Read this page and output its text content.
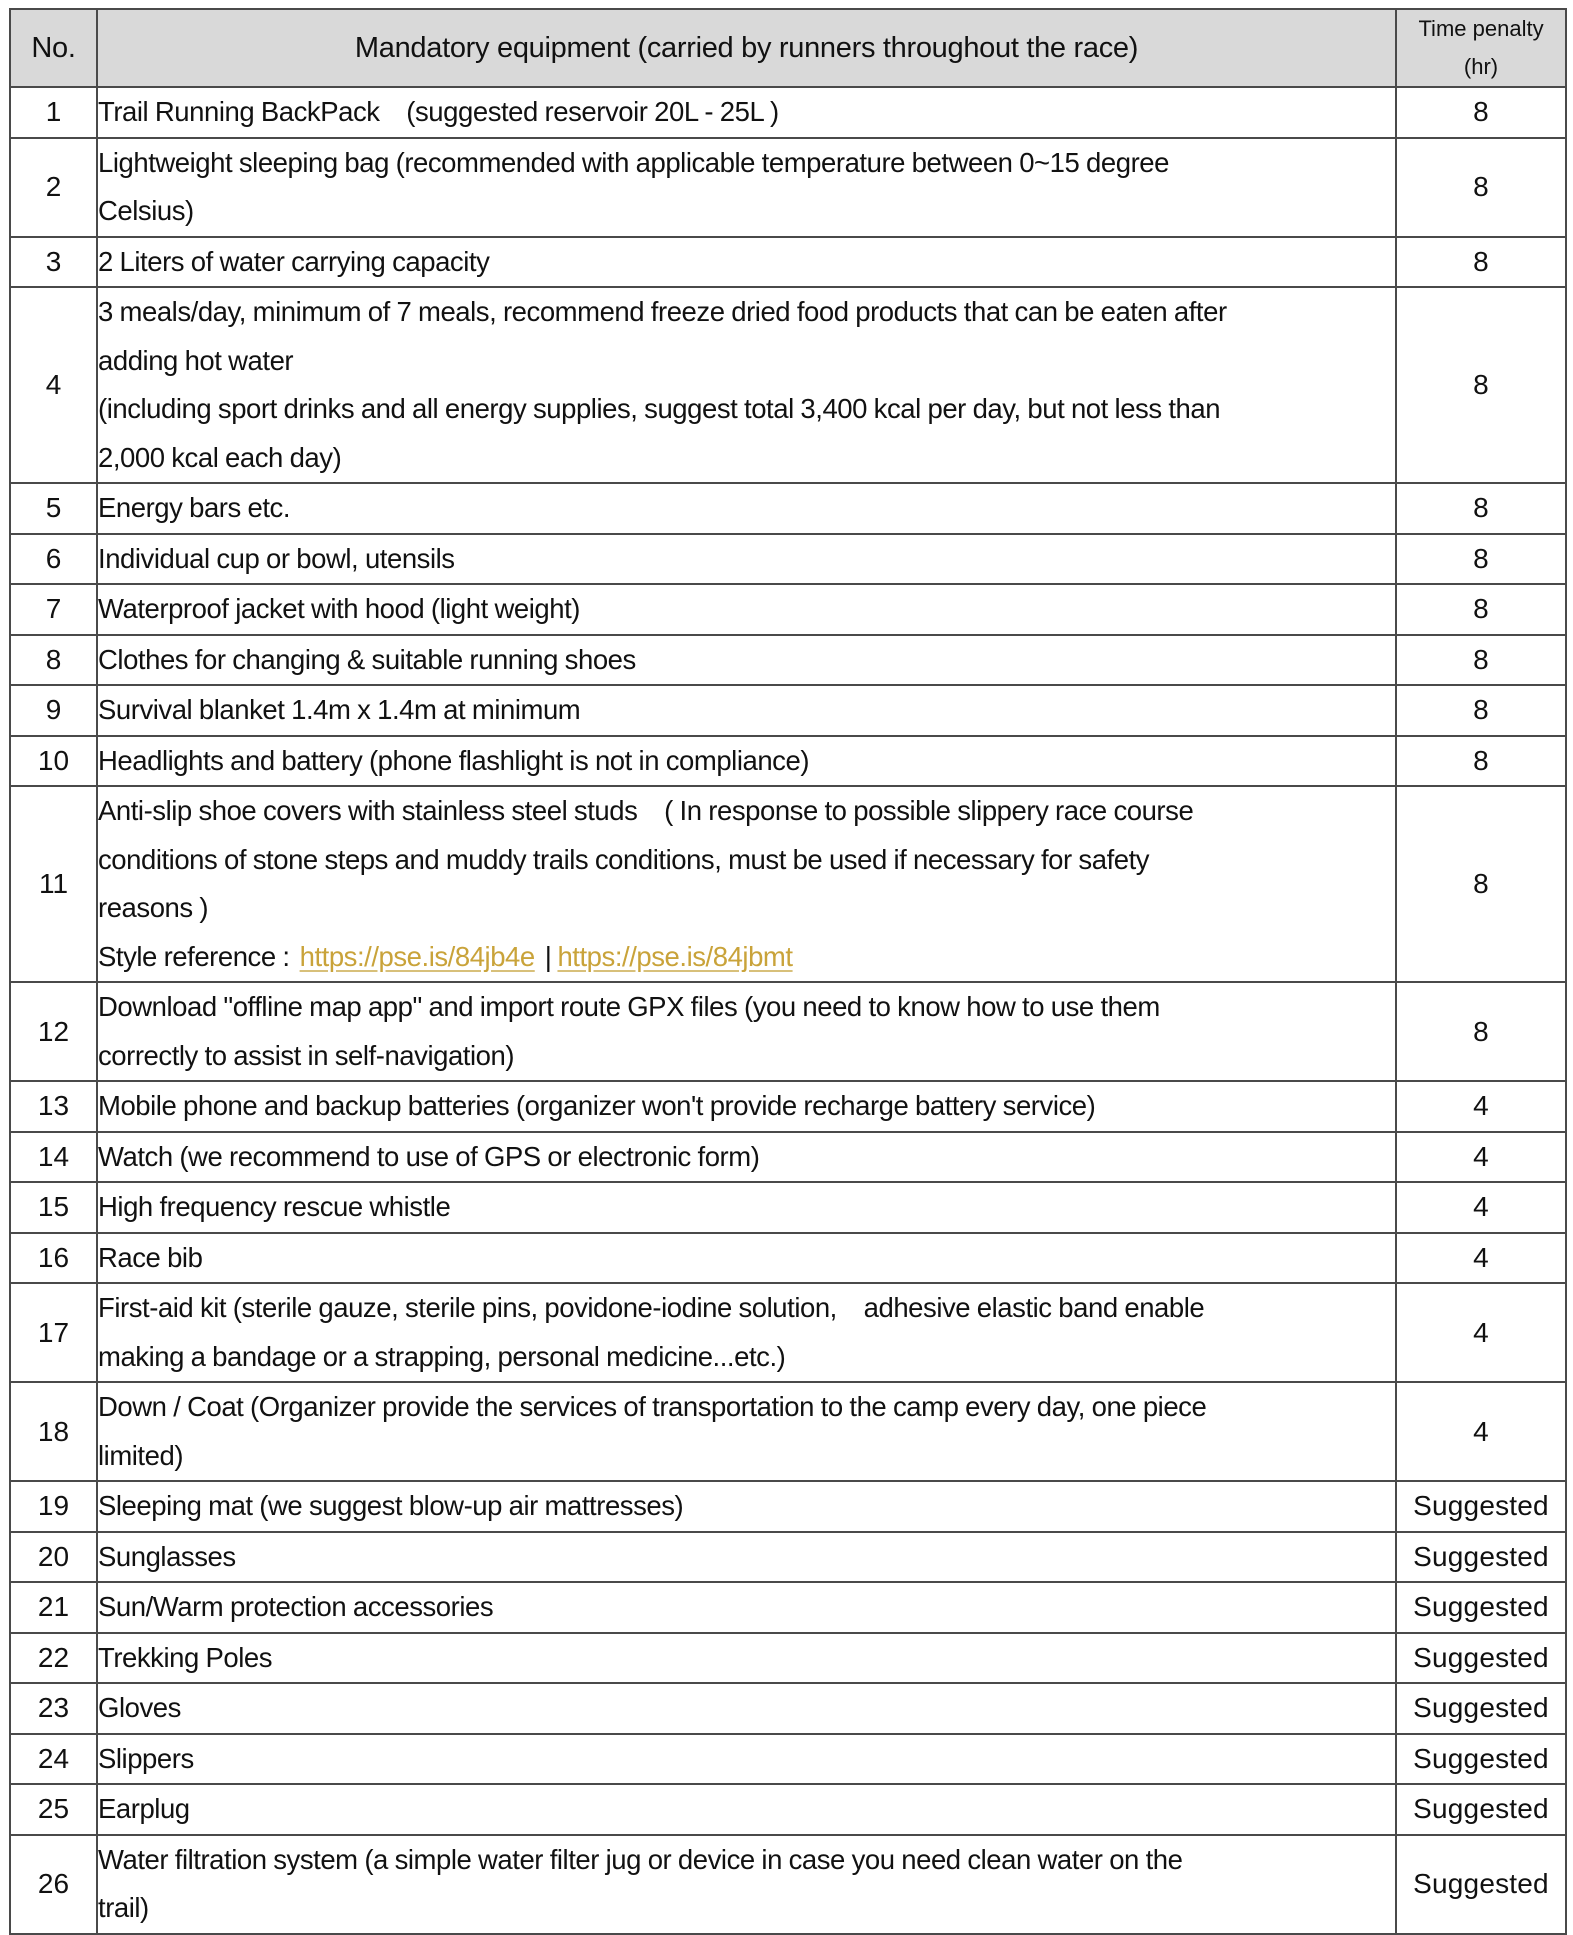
No.	Mandatory equipment (carried by runners throughout the race)	Time penalty
(hr)

1	Trail Running BackPack    (suggested reservoir 20L - 25L )	8
2	Lightweight sleeping bag (recommended with applicable temperature between 0~15 degree
Celsius)	8
3	2 Liters of water carrying capacity	8
4	3 meals/day, minimum of 7 meals, recommend freeze dried food products that can be eaten after
adding hot water
(including sport drinks and all energy supplies, suggest total 3,400 kcal per day, but not less than
2,000 kcal each day)	8
5	Energy bars etc.	8
6	Individual cup or bowl, utensils	8
7	Waterproof jacket with hood (light weight)	8
8	Clothes for changing & suitable running shoes	8
9	Survival blanket 1.4m x 1.4m at minimum	8
10	Headlights and battery (phone flashlight is not in compliance)	8
11	Anti-slip shoe covers with stainless steel studs    ( In response to possible slippery race course
conditions of stone steps and muddy trails conditions, must be used if necessary for safety
reasons )
Style reference : https://pse.is/84jb4e | https://pse.is/84jbmt	8
12	Download "offline map app" and import route GPX files (you need to know how to use them
correctly to assist in self-navigation)	8
13	Mobile phone and backup batteries (organizer won't provide recharge battery service)	4
14	Watch (we recommend to use of GPS or electronic form)	4
15	High frequency rescue whistle	4
16	Race bib	4
17	First-aid kit (sterile gauze, sterile pins, povidone-iodine solution,    adhesive elastic band enable
making a bandage or a strapping, personal medicine...etc.)	4
18	Down / Coat (Organizer provide the services of transportation to the camp every day, one piece
limited)	4
19	Sleeping mat (we suggest blow-up air mattresses)	Suggested
20	Sunglasses	Suggested
21	Sun/Warm protection accessories	Suggested
22	Trekking Poles	Suggested
23	Gloves	Suggested
24	Slippers	Suggested
25	Earplug	Suggested
26	Water filtration system (a simple water filter jug or device in case you need clean water on the
trail)	Suggested
